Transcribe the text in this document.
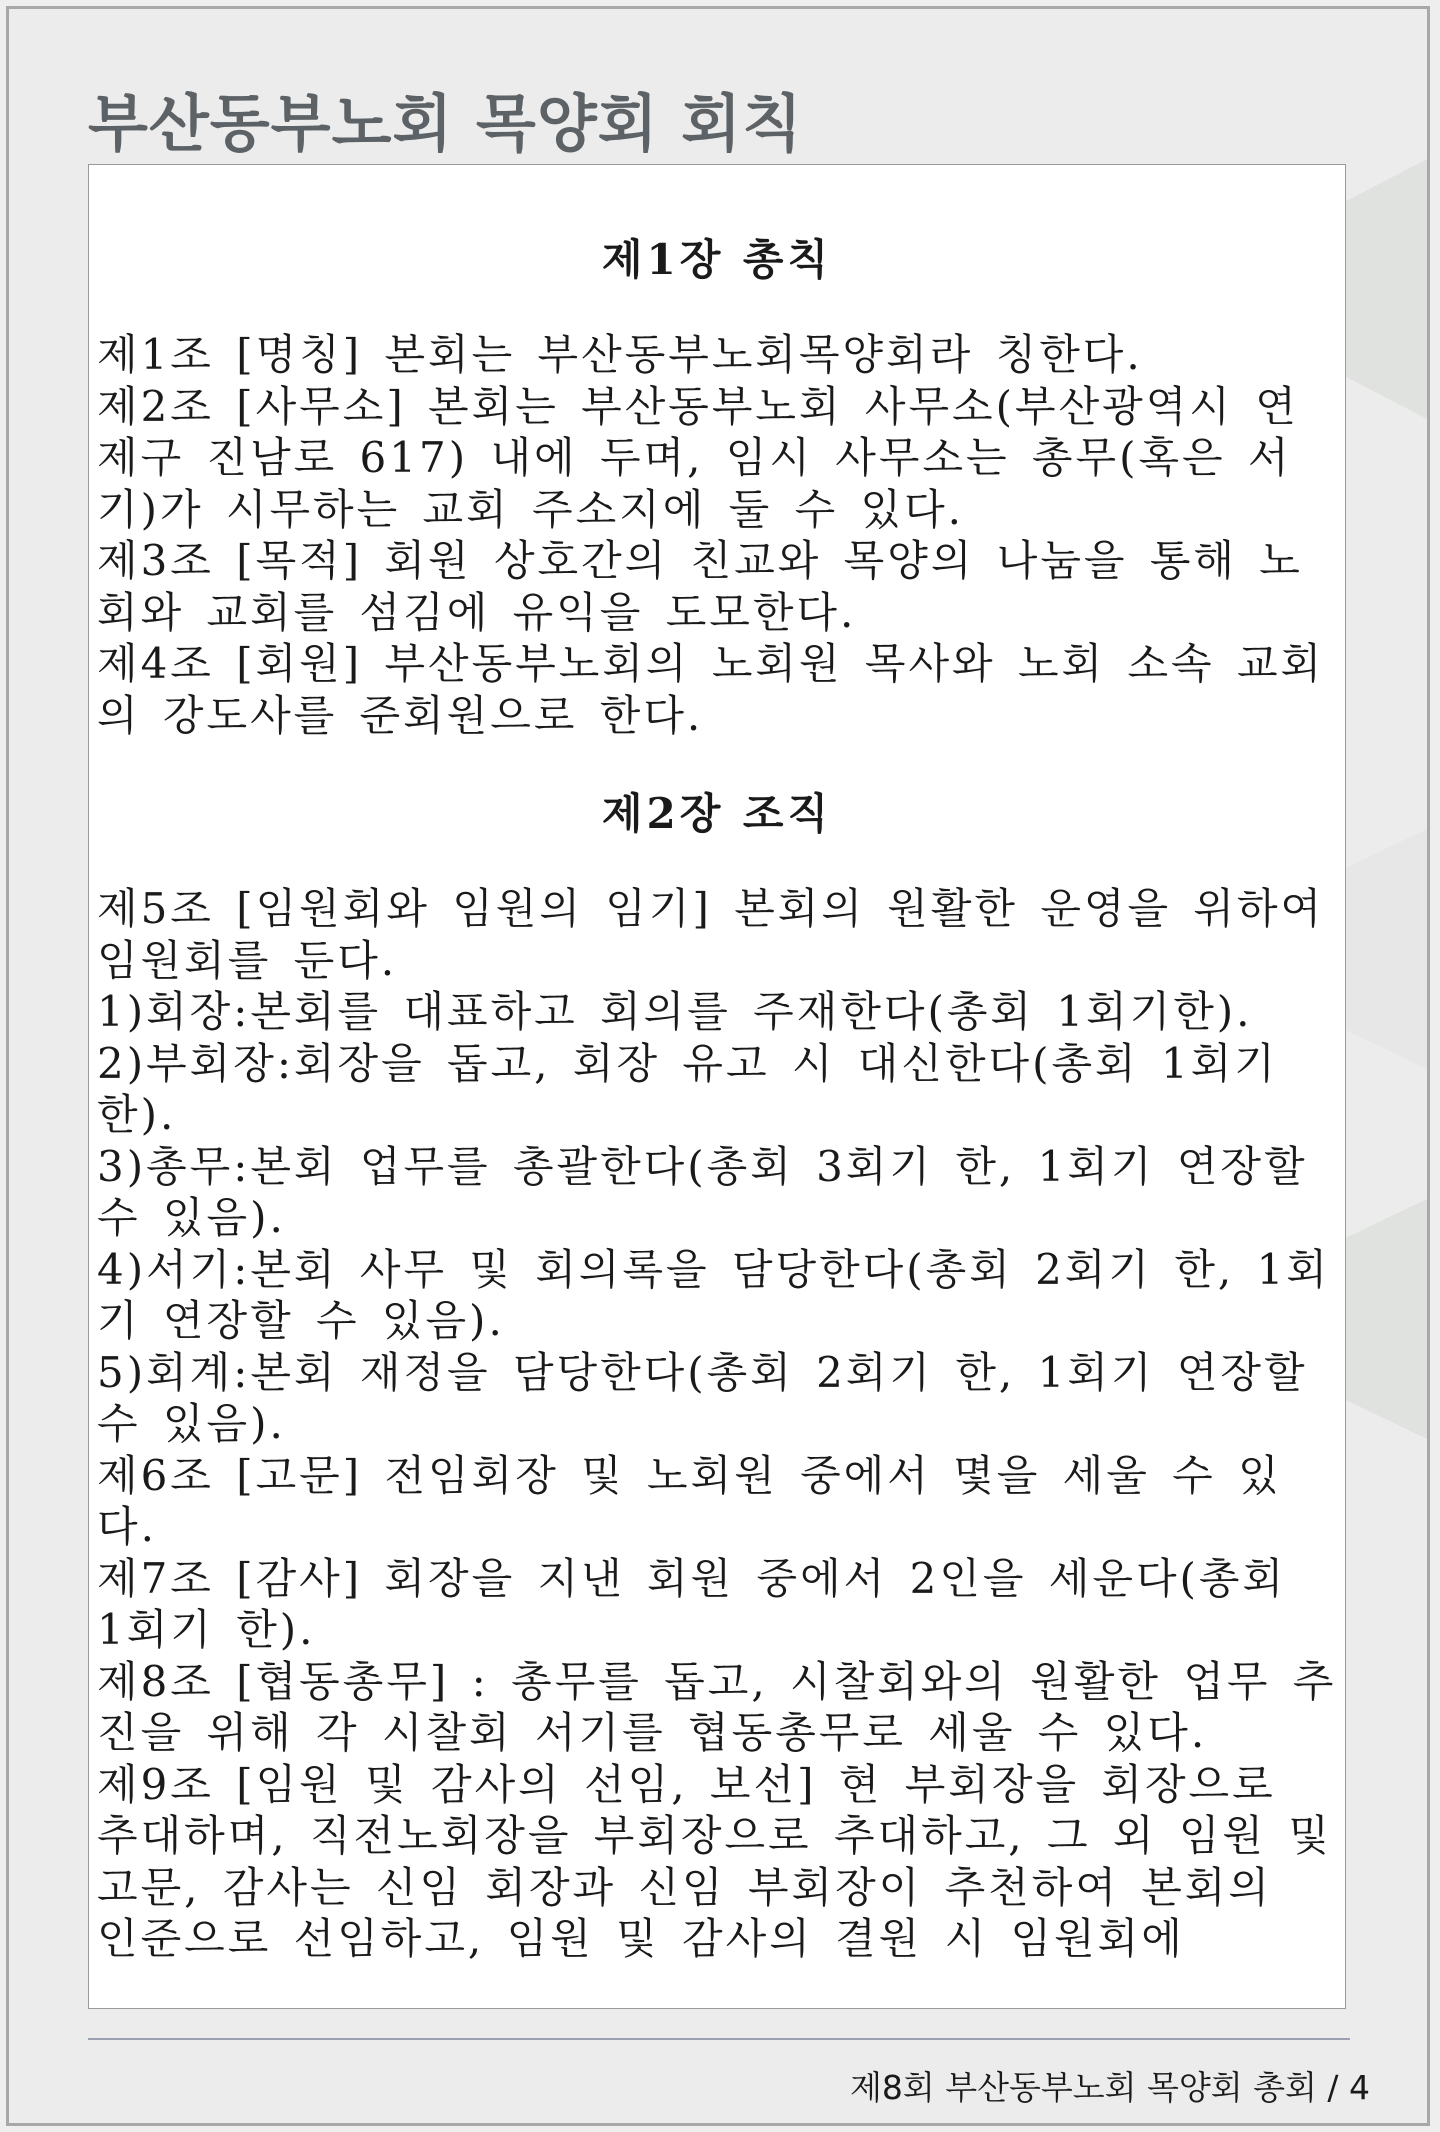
부산동부노회 목양회 회칙
제1장 총칙

제1조 [명칭] 본회는 부산동부노회목양회라 칭한다.

제2조 [사무소] 본회는 부산동부노회 사무소(부산광역시 연제구 진남로 617) 내에 두며, 임시 사무소는 총무(혹은 서기)가 시무하는 교회 주소지에 둘 수 있다.

제3조 [목적] 회원 상호간의 친교와 목양의 나눔을 통해 노회와 교회를 섬김에 유익을 도모한다.

제4조 [회원] 부산동부노회의 노회원 목사와 노회 소속 교회의 강도사를 준회원으로 한다.

제2장 조직

제5조 [임원회와 임원의 임기] 본회의 원활한 운영을 위하여 임원회를 둔다.

1)회장:본회를 대표하고 회의를 주재한다(총회 1회기한).

2)부회장:회장을 돕고, 회장 유고 시 대신한다(총회 1회기한).

3)총무:본회 업무를 총괄한다(총회 3회기 한, 1회기 연장할 수 있음).

4)서기:본회 사무 및 회의록을 담당한다(총회 2회기 한, 1회기 연장할 수 있음).

5)회계:본회 재정을 담당한다(총회 2회기 한, 1회기 연장할 수 있음).

제6조 [고문] 전임회장 및 노회원 중에서 몇을 세울 수 있다.

제7조 [감사] 회장을 지낸 회원 중에서 2인을 세운다(총회 1회기 한).

제8조 [협동총무] : 총무를 돕고, 시찰회와의 원활한 업무 추진을 위해 각 시찰회 서기를 협동총무로 세울 수 있다.

제9조 [임원 및 감사의 선임, 보선] 현 부회장을 회장으로 추대하며, 직전노회장을 부회장으로 추대하고, 그 외 임원 및 고문, 감사는 신임 회장과 신임 부회장이 추천하여 본회의 인준으로 선임하고, 임원 및 감사의 결원 시 임원회에

제8회 부산동부노회 목양회 총회 / 4
